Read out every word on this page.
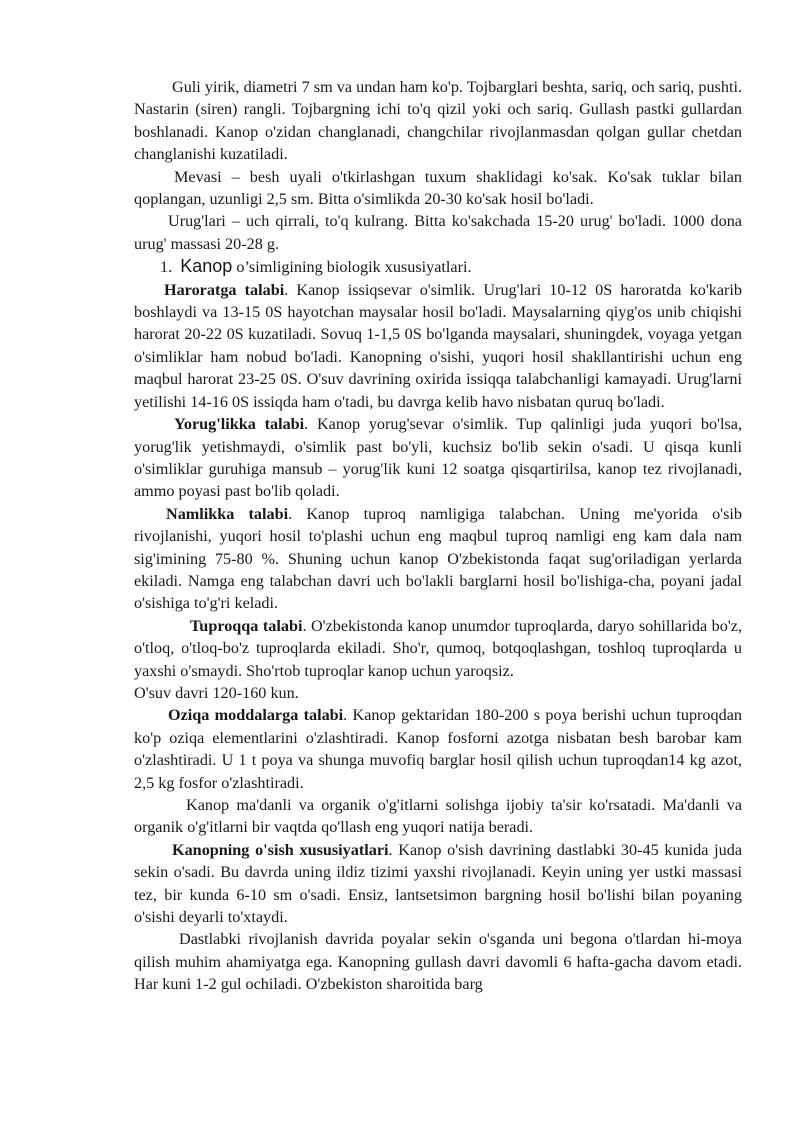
Guli yirik, diametri 7 sm va undan ham ko'p. Tojbarglari beshta, sariq, och sariq, pushti. Nastarin (siren) rangli. Tojbargning ichi to'q qizil yoki och sariq. Gullash pastki gullardan boshlanadi. Kanop o'zidan changlanadi, changchilar rivojlanmasdan qolgan gullar chetdan changlanishi kuzatiladi.

Mevasi – besh uyali o'tkirlashgan tuxum shaklidagi ko'sak. Ko'sak tuklar bilan qoplangan, uzunligi 2,5 sm. Bitta o'simlikda 20-30 ko'sak hosil bo'ladi.

Urug'lari – uch qirrali, to'q kulrang. Bitta ko'sakchada 15-20 urug' bo'ladi. 1000 dona urug' massasi 20-28 g.

1. Kanop o’simligining biologik xususiyatlari.

Haroratga talabi. Kanop issiqsevar o'simlik. Urug'lari 10-12 0S haroratda ko'karib boshlaydi va 13-15 0S hayotchan maysalar hosil bo'ladi. Maysalarning qiyg'os unib chiqishi harorat 20-22 0S kuzatiladi. Sovuq 1-1,5 0S bo'lganda maysalari, shuningdek, voyaga yetgan o'simliklar ham nobud bo'ladi. Kanopning o'sishi, yuqori hosil shakllantirishi uchun eng maqbul harorat 23-25 0S. O'suv davrining oxirida issiqqa talabchanligi kamayadi. Urug'larni yetilishi 14-16 0S issiqda ham o'tadi, bu davrga kelib havo nisbatan quruq bo'ladi.

Yorug'likka talabi. Kanop yorug'sevar o'simlik. Tup qalinligi juda yuqori bo'lsa, yorug'lik yetishmaydi, o'simlik past bo'yli, kuchsiz bo'lib sekin o'sadi. U qisqa kunli o'simliklar guruhiga mansub – yorug'lik kuni 12 soatga qisqartirilsa, kanop tez rivojlanadi, ammo poyasi past bo'lib qoladi.

Namlikka talabi. Kanop tuproq namligiga talabchan. Uning me'yorida o'sib rivojlanishi, yuqori hosil to'plashi uchun eng maqbul tuproq namligi eng kam dala nam sig'imining 75-80 %. Shuning uchun kanop O'zbekistonda faqat sug'oriladigan yerlarda ekiladi. Namga eng talabchan davri uch bo'lakli barglarni hosil bo'lishiga-cha, poyani jadal o'sishiga to'g'ri keladi.

Tuproqqa talabi. O'zbekistonda kanop unumdor tuproqlarda, daryo sohillarida bo'z, o'tloq, o'tloq-bo'z tuproqlarda ekiladi. Sho'r, qumoq, botqoqlashgan, toshloq tuproqlarda u yaxshi o'smaydi. Sho'rtob tuproqlar kanop uchun yaroqsiz.

O'suv davri 120-160 kun.

Oziqa moddalarga talabi. Kanop gektaridan 180-200 s poya berishi uchun tuproqdan ko'p oziqa elementlarini o'zlashtiradi. Kanop fosforni azotga nisbatan besh barobar kam o'zlashtiradi. U 1 t poya va shunga muvofiq barglar hosil qilish uchun tuproqdan14 kg azot, 2,5 kg fosfor o'zlashtiradi.

Kanop ma'danli va organik o'g'itlarni solishga ijobiy ta'sir ko'rsatadi. Ma'danli va organik o'g'itlarni bir vaqtda qo'llash eng yuqori natija beradi.

Kanopning o'sish xususiyatlari. Kanop o'sish davrining dastlabki 30-45 kunida juda sekin o'sadi. Bu davrda uning ildiz tizimi yaxshi rivojlanadi. Keyin uning yer ustki massasi tez, bir kunda 6-10 sm o'sadi. Ensiz, lantsetsimon bargning hosil bo'lishi bilan poyaning o'sishi deyarli to'xtaydi.

Dastlabki rivojlanish davrida poyalar sekin o'sganda uni begona o'tlardan hi-moya qilish muhim ahamiyatga ega. Kanopning gullash davri davomli 6 hafta-gacha davom etadi. Har kuni 1-2 gul ochiladi. O'zbekiston sharoitida barg
